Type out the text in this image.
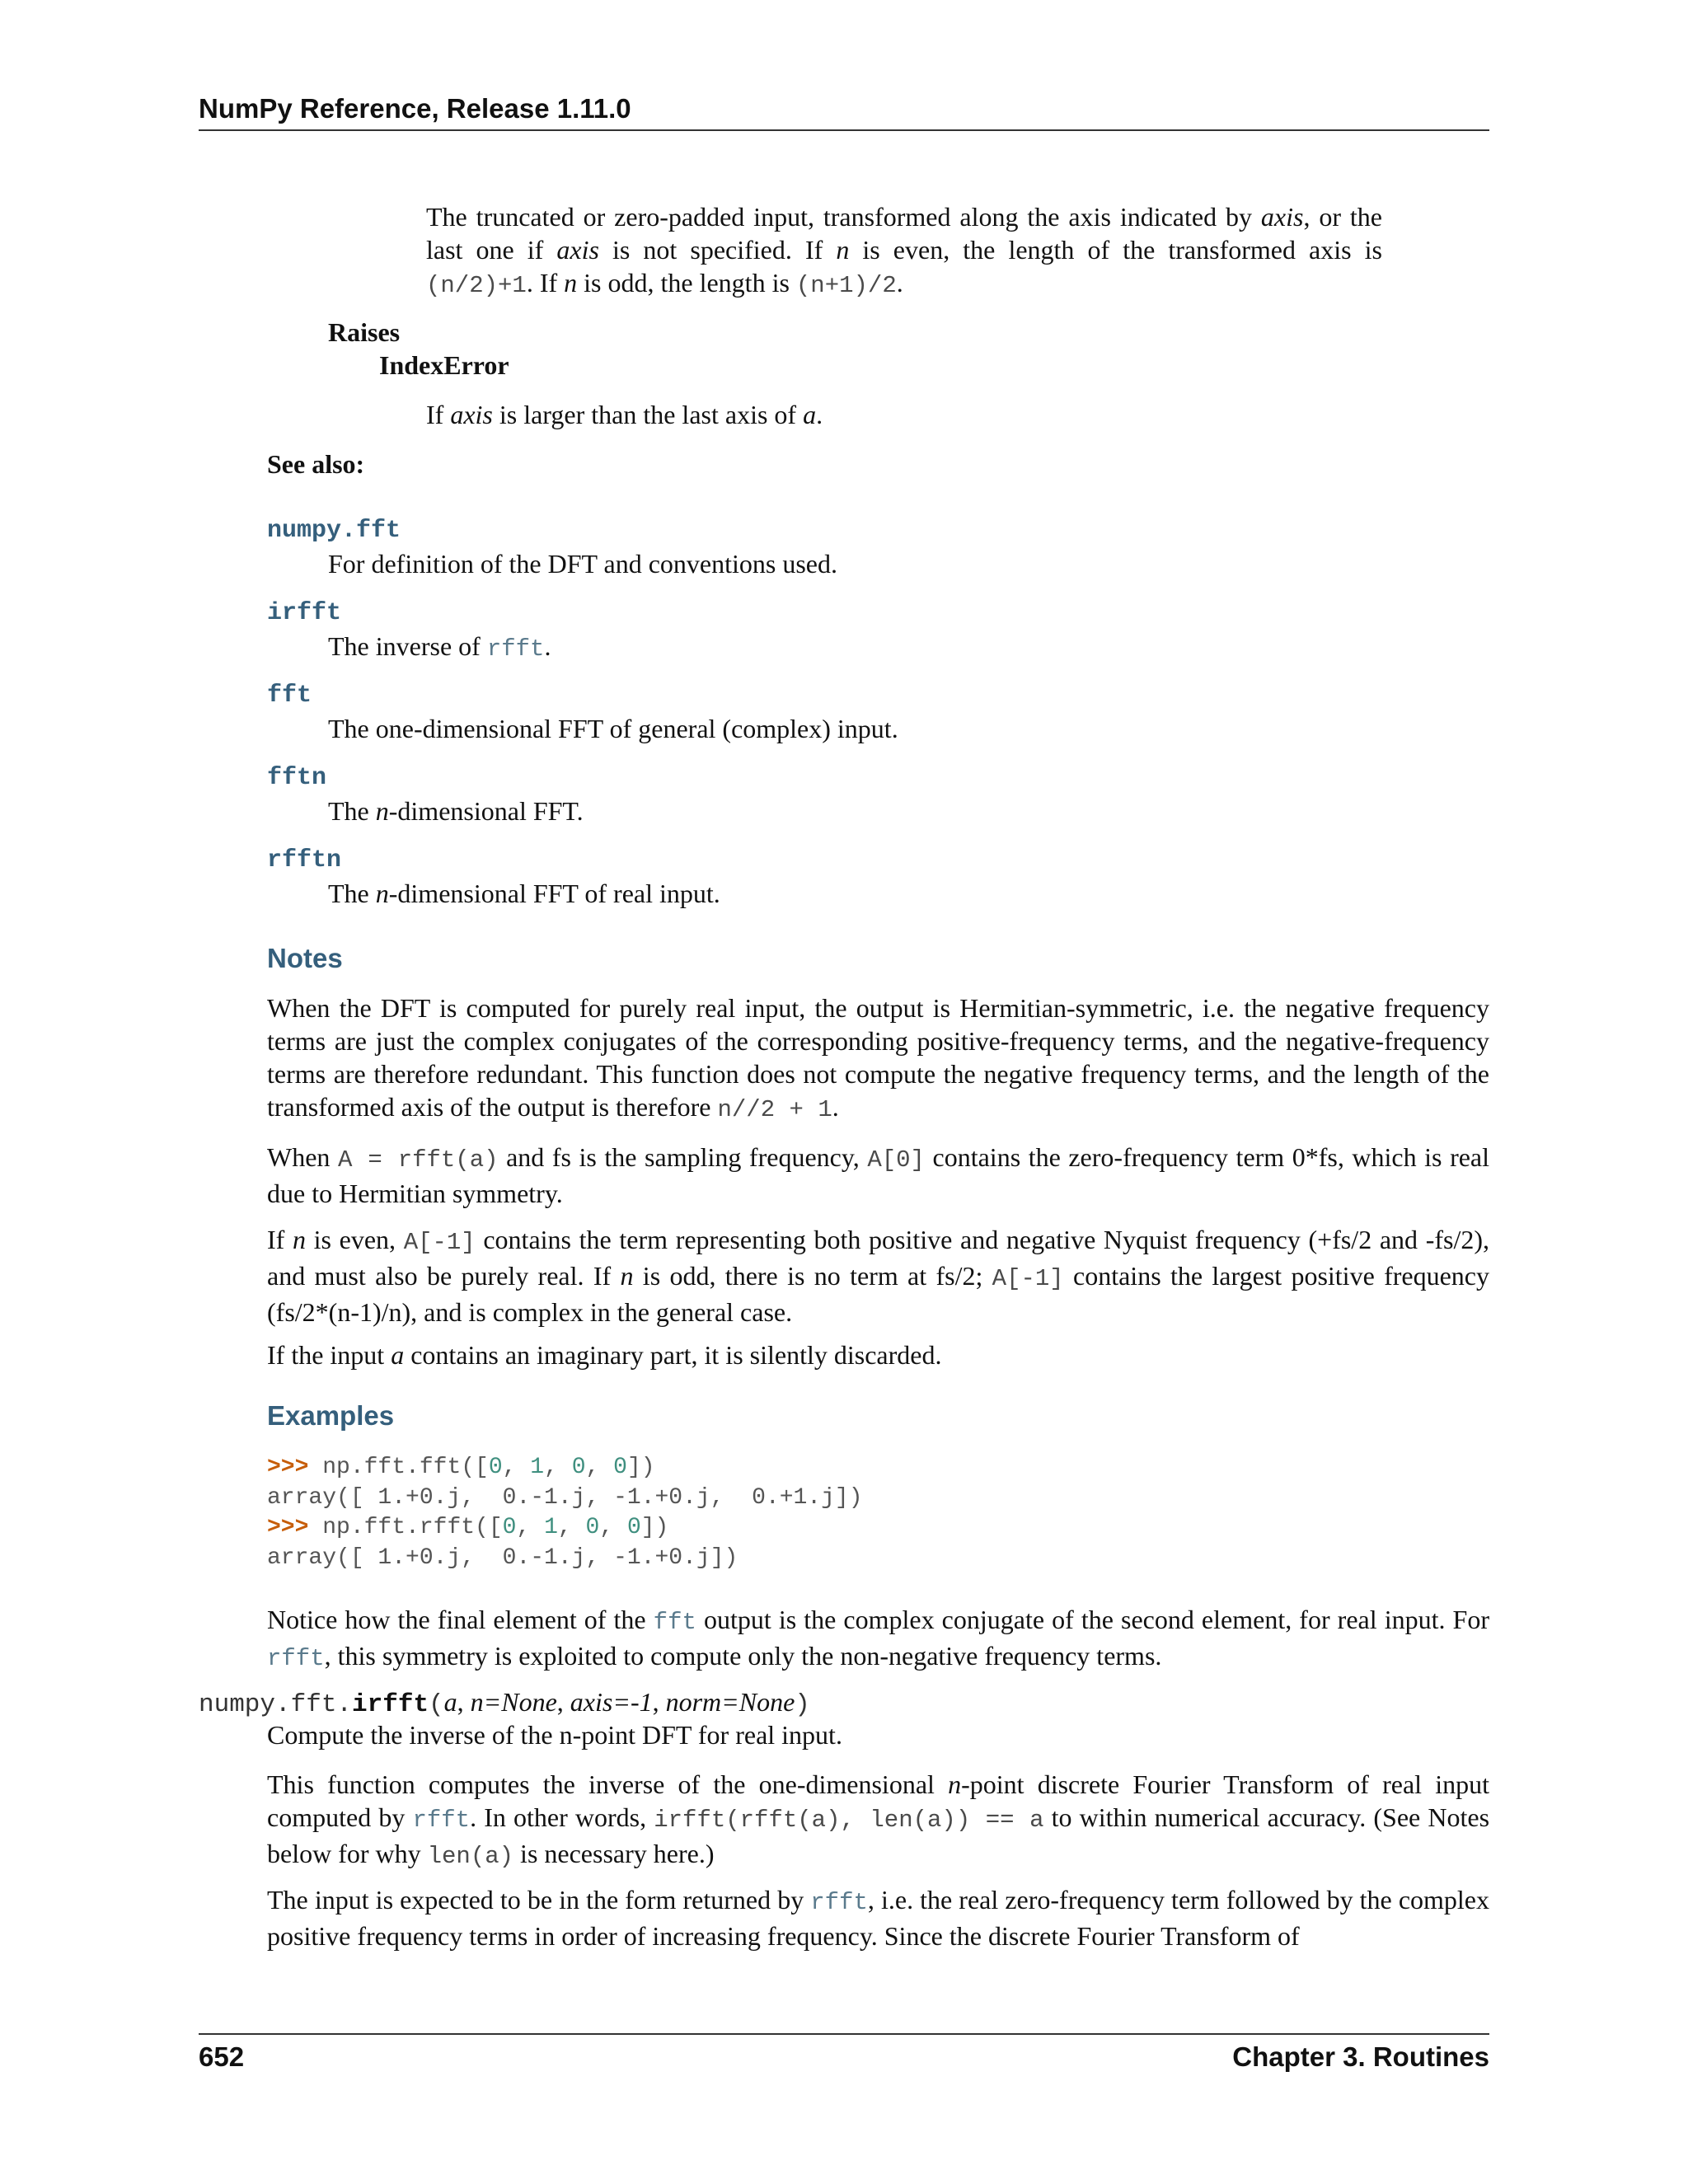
NumPy Reference, Release 1.11.0
The truncated or zero-padded input, transformed along the axis indicated by axis, or the last one if axis is not specified. If n is even, the length of the transformed axis is (n/2)+1. If n is odd, the length is (n+1)/2.
Raises
IndexError
If axis is larger than the last axis of a.
See also:
numpy.fft
For definition of the DFT and conventions used.
irfft
The inverse of rfft.
fft
The one-dimensional FFT of general (complex) input.
fftn
The n-dimensional FFT.
rfftn
The n-dimensional FFT of real input.
Notes
When the DFT is computed for purely real input, the output is Hermitian-symmetric, i.e. the negative frequency terms are just the complex conjugates of the corresponding positive-frequency terms, and the negative-frequency terms are therefore redundant. This function does not compute the negative frequency terms, and the length of the transformed axis of the output is therefore n//2 + 1.
When A = rfft(a) and fs is the sampling frequency, A[0] contains the zero-frequency term 0*fs, which is real due to Hermitian symmetry.
If n is even, A[-1] contains the term representing both positive and negative Nyquist frequency (+fs/2 and -fs/2), and must also be purely real. If n is odd, there is no term at fs/2; A[-1] contains the largest positive frequency (fs/2*(n-1)/n), and is complex in the general case.
If the input a contains an imaginary part, it is silently discarded.
Examples
>>> np.fft.fft([0, 1, 0, 0])
array([ 1.+0.j,  0.-1.j, -1.+0.j,  0.+1.j])
>>> np.fft.rfft([0, 1, 0, 0])
array([ 1.+0.j,  0.-1.j, -1.+0.j])
Notice how the final element of the fft output is the complex conjugate of the second element, for real input. For rfft, this symmetry is exploited to compute only the non-negative frequency terms.
numpy.fft.irfft(a, n=None, axis=-1, norm=None)
Compute the inverse of the n-point DFT for real input.
This function computes the inverse of the one-dimensional n-point discrete Fourier Transform of real input computed by rfft. In other words, irfft(rfft(a), len(a)) == a to within numerical accuracy. (See Notes below for why len(a) is necessary here.)
The input is expected to be in the form returned by rfft, i.e. the real zero-frequency term followed by the complex positive frequency terms in order of increasing frequency. Since the discrete Fourier Transform of
652	Chapter 3. Routines
